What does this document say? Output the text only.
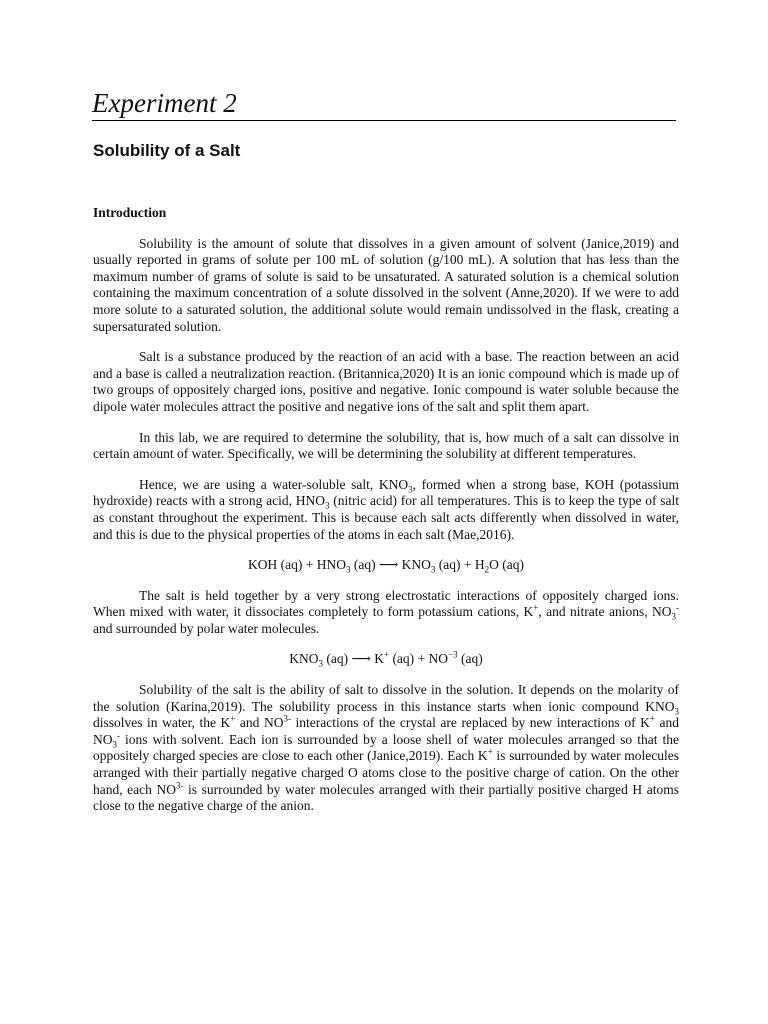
Experiment 2
Solubility of a Salt

Introduction

Solubility is the amount of solute that dissolves in a given amount of solvent (Janice,2019) and usually reported in grams of solute per 100 mL of solution (g/100 mL). A solution that has less than the maximum number of grams of solute is said to be unsaturated. A saturated solution is a chemical solution containing the maximum concentration of a solute dissolved in the solvent (Anne,2020). If we were to add more solute to a saturated solution, the additional solute would remain undissolved in the flask, creating a supersaturated solution.

Salt is a substance produced by the reaction of an acid with a base. The reaction between an acid and a base is called a neutralization reaction. (Britannica,2020) It is an ionic compound which is made up of two groups of oppositely charged ions, positive and negative. Ionic compound is water soluble because the dipole water molecules attract the positive and negative ions of the salt and split them apart.

In this lab, we are required to determine the solubility, that is, how much of a salt can dissolve in certain amount of water. Specifically, we will be determining the solubility at different temperatures.

Hence, we are using a water-soluble salt, $KNO_3$, formed when a strong base, KOH (potassium hydroxide) reacts with a strong acid, $HNO_3$ (nitric acid) for all temperatures. This is to keep the type of salt as constant throughout the experiment. This is because each salt acts differently when dissolved in water, and this is due to the physical properties of the atoms in each salt (Mae,2016).

KOH $(aq) + HNO_3$ (aq) ⟶ $KNO_3$ $(aq) + H_2O$ (aq)

The salt is held together by a very strong electrostatic interactions of oppositely charged ions. When mixed with water, it dissociates completely to form potassium cations, K+, and nitrate anions, $NO_3^-$ and surrounded by polar water molecules.

$KNO_3$ (aq) ⟶ K+ $(aq) + NO^{-3}$ (aq)

Solubility of the salt is the ability of salt to dissolve in the solution. It depends on the molarity of the solution (Karina,2019). The solubility process in this instance starts when ionic compound $KNO_3$ dissolves in water, the K+ and $NO^{3-}$ interactions of the crystal are replaced by new interactions of K+ and $NO_3^-$ ions with solvent. Each ion is surrounded by a loose shell of water molecules arranged so that the oppositely charged species are close to each other (Janice,2019). Each K+ is surrounded by water molecules arranged with their partially negative charged O atoms close to the positive charge of cation. On the other hand, each $NO^{3-}$ is surrounded by water molecules arranged with their partially positive charged H atoms close to the negative charge of the anion.
